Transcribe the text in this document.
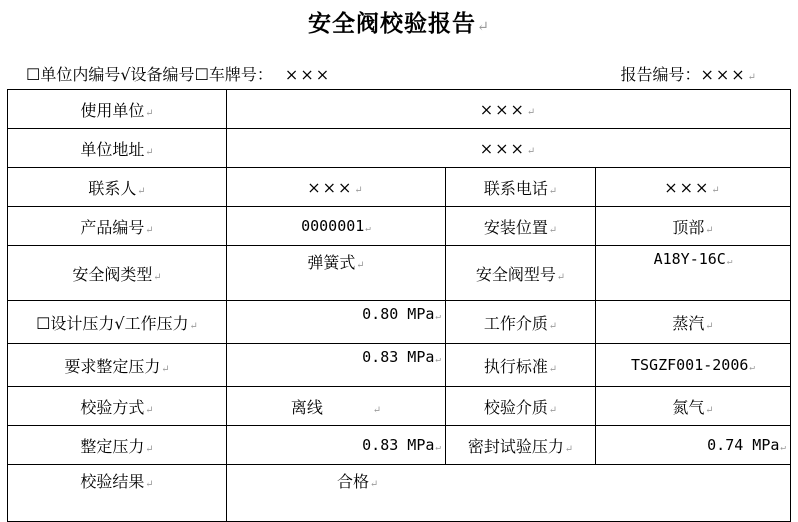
安全阀校验报告↵
☐单位内编号√设备编号☐车牌号： ×××	报告编号：×××↵
使用单位↵	×××↵		
单位地址↵	×××↵		
联系人↵	×××↵	联系电话↵	×××↵
产品编号↵	0000001↵	安装位置↵	顶部↵
安全阀类型↵	弹簧式↵	安全阀型号↵	A18Y-16C↵
☐设计压力√工作压力↵	0.80 MPa↵	工作介质↵	蒸汽↵
要求整定压力↵	0.83 MPa↵	执行标准↵	TSGZF001-2006↵
校验方式↵	离线 ↵	校验介质↵	氮气↵
整定压力↵	0.83 MPa↵	密封试验压力↵	0.74 MPa↵
校验结果↵	合格↵		
